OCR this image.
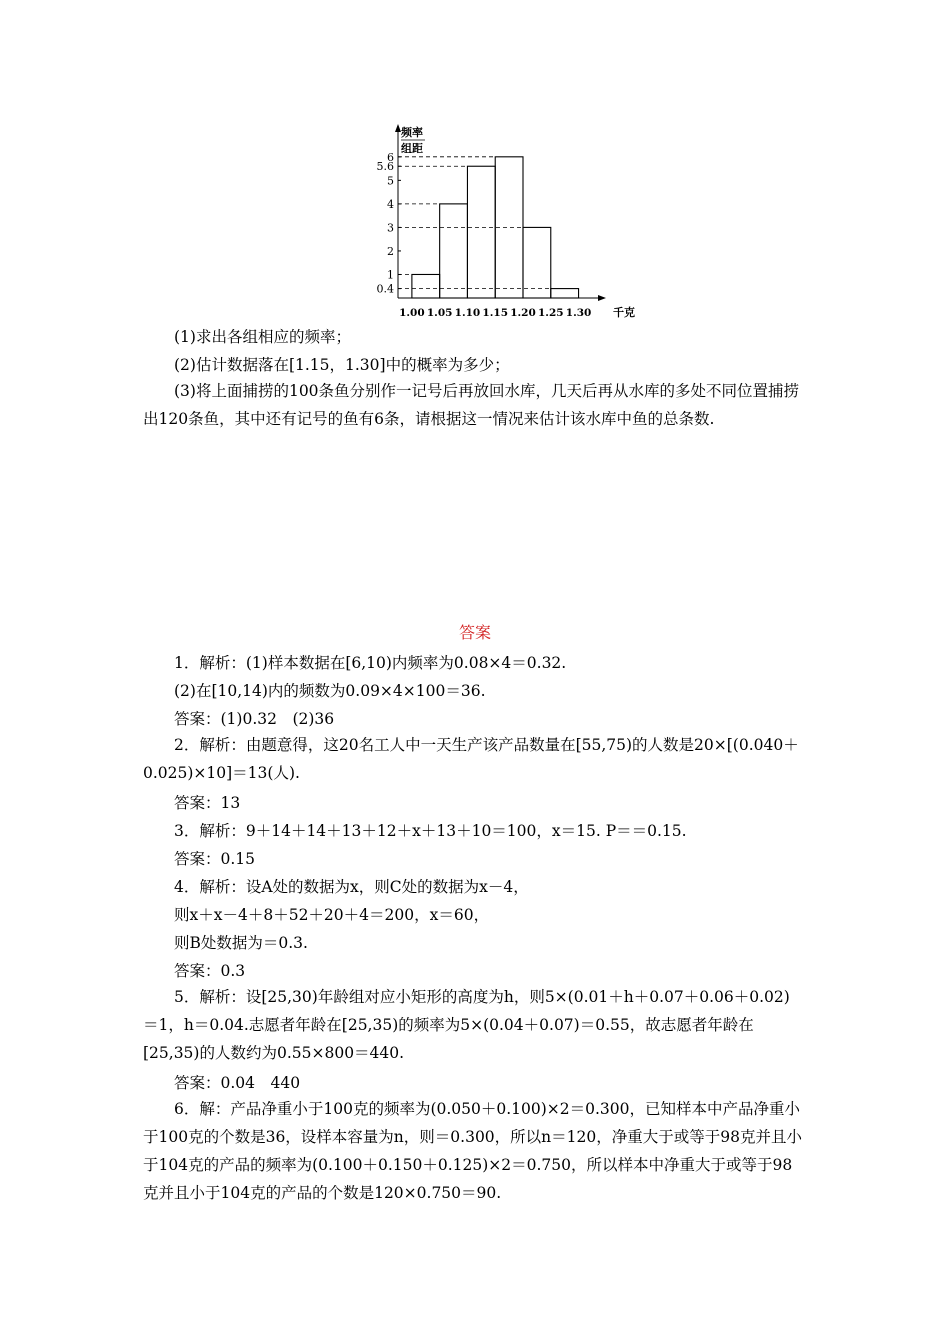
0.4
1
2
3
4
5
5.6
6
1.00 1.05 1.10 1.15 1.20 1.25 1.30 千克
频率
组距
(1)求出各组相应的频率；
(2)估计数据落在[1.15，1.30]中的概率为多少；
(3)将上面捕捞的100条鱼分别作一记号后再放回水库，几天后再从水库的多处不同位置捕捞出120条鱼，其中还有记号的鱼有6条，请根据这一情况来估计该水库中鱼的总条数.
答案
1．解析：(1)样本数据在[6,10)内频率为0.08×4＝0.32.
(2)在[10,14)内的频数为0.09×4×100＝36.
答案：(1)0.32　(2)36
2．解析：由题意得，这20名工人中一天生产该产品数量在[55,75)的人数是20×[(0.040＋0.025)×10]＝13(人).
答案：13
3．解析：9＋14＋14＋13＋12＋x＋13＋10＝100，x＝15. P＝＝0.15.
答案：0.15
4．解析：设A处的数据为x，则C处的数据为x－4，
则x＋x－4＋8＋52＋20＋4＝200，x＝60，
则B处数据为＝0.3.
答案：0.3
5．解析：设[25,30)年龄组对应小矩形的高度为h，则5×(0.01＋h＋0.07＋0.06＋0.02)＝1，h＝0.04.志愿者年龄在[25,35)的频率为5×(0.04＋0.07)＝0.55，故志愿者年龄在[25,35)的人数约为0.55×800＝440.
答案：0.04　440
6．解：产品净重小于100克的频率为(0.050＋0.100)×2＝0.300，已知样本中产品净重小于100克的个数是36，设样本容量为n，则＝0.300，所以n＝120，净重大于或等于98克并且小于104克的产品的频率为(0.100＋0.150＋0.125)×2＝0.750，所以样本中净重大于或等于98克并且小于104克的产品的个数是120×0.750＝90.
